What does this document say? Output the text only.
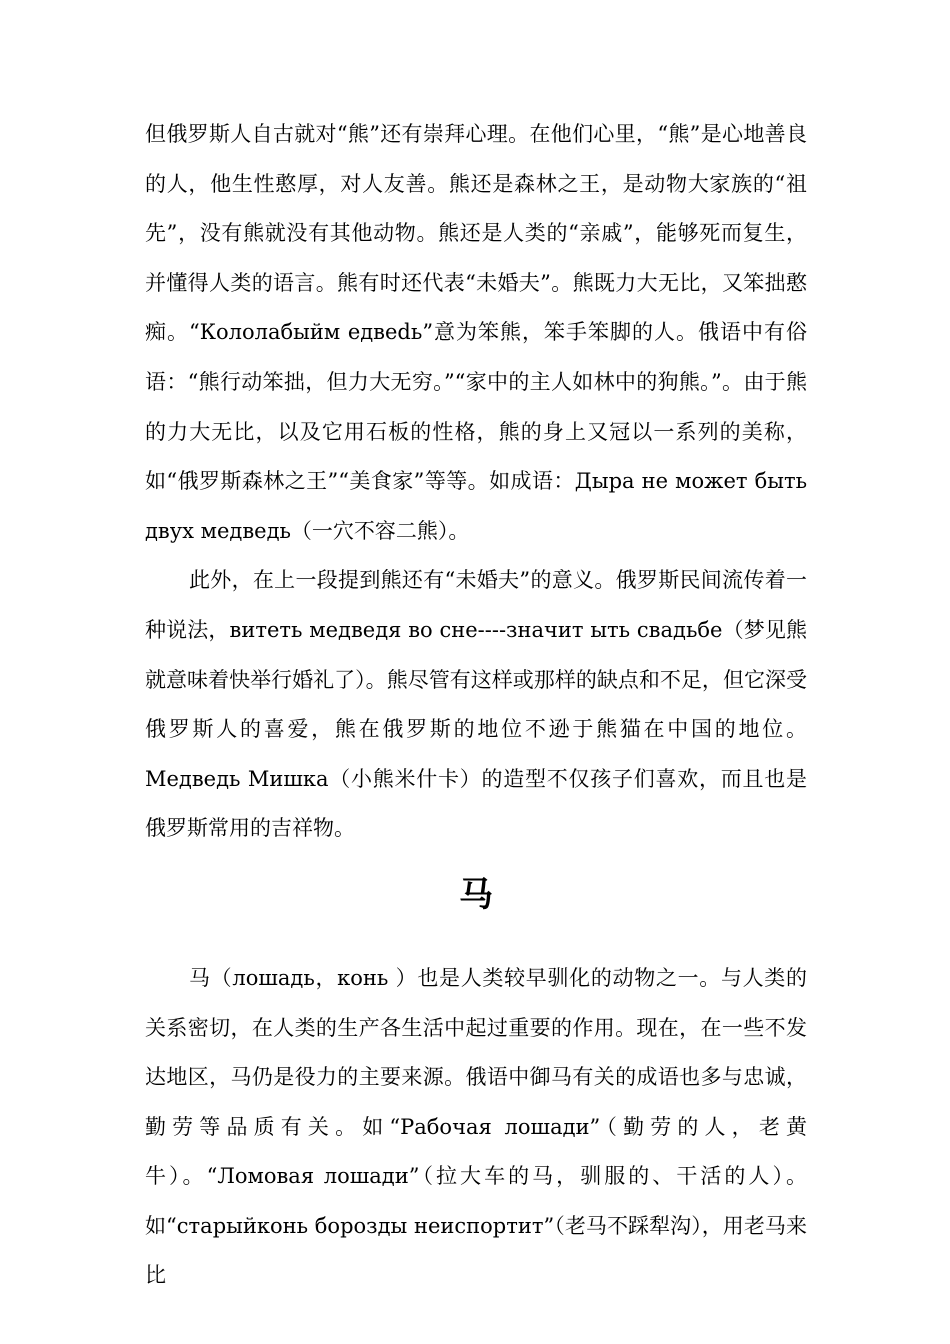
但俄罗斯人自古就对“熊”还有崇拜心理。在他们心里，“熊”是心地善良的人，他生性憨厚，对人友善。熊还是森林之王，是动物大家族的“祖先”，没有熊就没有其他动物。熊还是人类的“亲戚”，能够死而复生，并懂得人类的语言。熊有时还代表“未婚夫”。熊既力大无比，又笨拙憨痴。“Кололабыйм едвedь”意为笨熊，笨手笨脚的人。俄语中有俗语：“熊行动笨拙，但力大无穷。”“家中的主人如林中的狗熊。”。由于熊的力大无比，以及它用石板的性格，熊的身上又冠以一系列的美称，如“俄罗斯森林之王”“美食家”等等。如成语：Дыра не может быть двух медведь（一穴不容二熊）。

此外，在上一段提到熊还有“未婚夫”的意义。俄罗斯民间流传着一种说法，витеть медведя во сне----значит ыть свадьбе（梦见熊就意味着快举行婚礼了）。熊尽管有这样或那样的缺点和不足，但它深受俄罗斯人的喜爱，熊在俄罗斯的地位不逊于熊猫在中国的地位。Медведь Мишка（小熊米什卡）的造型不仅孩子们喜欢，而且也是俄罗斯常用的吉祥物。

马

马（лошадь，конь ）也是人类较早驯化的动物之一。与人类的关系密切，在人类的生产各生活中起过重要的作用。现在，在一些不发达地区，马仍是役力的主要来源。俄语中御马有关的成语也多与忠诚，勤劳等品质有关。如“Рабочая лошади”（勤劳的人，老黄牛）。“Ломовая лошади”（拉大车的马，驯服的、干活的人）。如“старыйконь борозды неиспортит”（老马不踩犁沟），用老马来比
